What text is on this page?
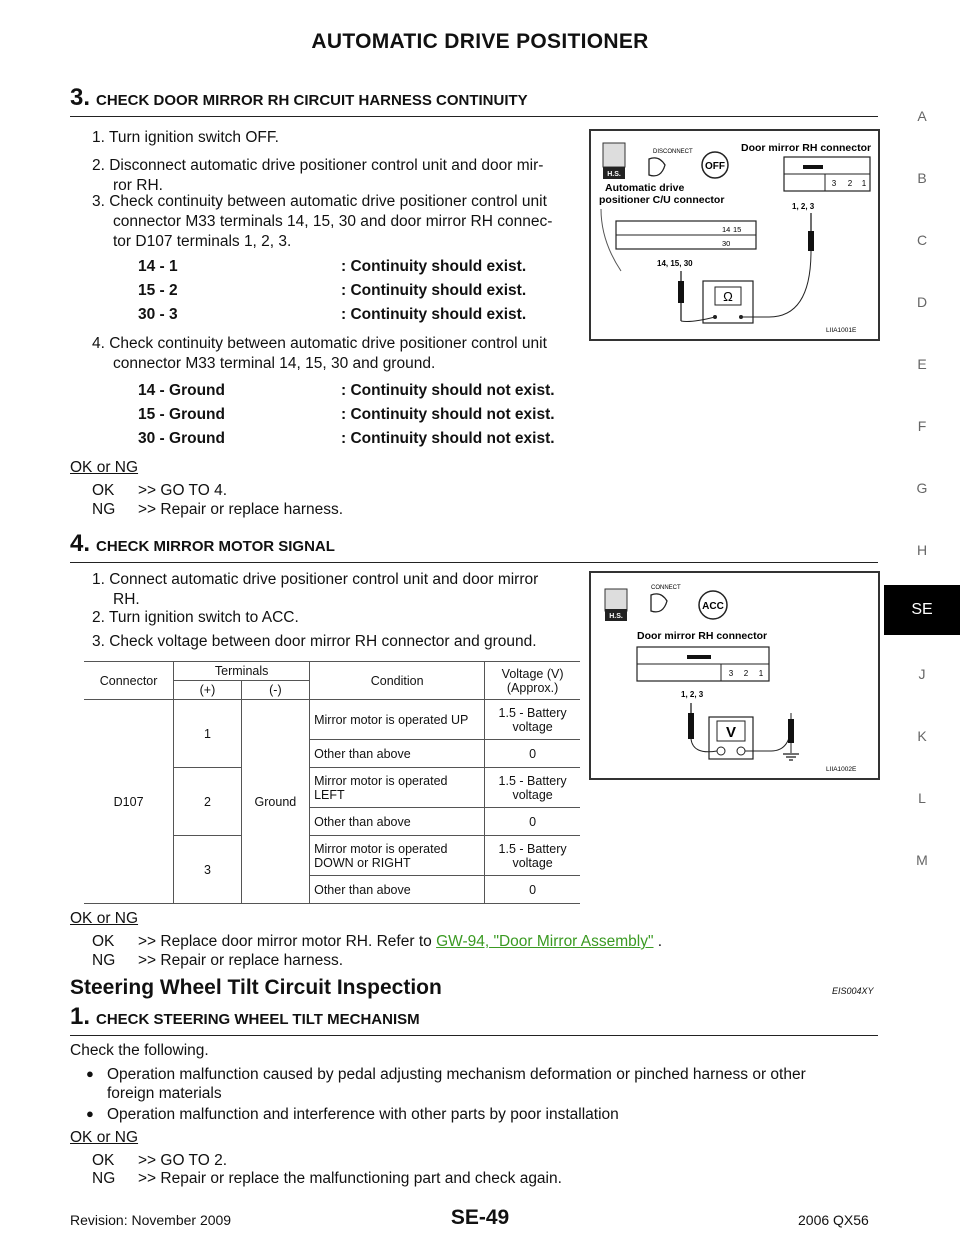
AUTOMATIC DRIVE POSITIONER
A
B
C
D
E
F
G
H
SE
J
K
L
M
3. CHECK DOOR MIRROR RH CIRCUIT HARNESS CONTINUITY
1. Turn ignition switch OFF.
2. Disconnect automatic drive positioner control unit and door mir-
ror RH.
3. Check continuity between automatic drive positioner control unit
connector M33 terminals 14, 15, 30 and door mirror RH connec-
tor D107 terminals 1, 2, 3.
14 - 1	: Continuity should exist.
15 - 2	: Continuity should exist.
30 - 3	: Continuity should exist.
4. Check continuity between automatic drive positioner control unit
connector M33 terminal 14, 15, 30 and ground.
14 - Ground	: Continuity should not exist.
15 - Ground	: Continuity should not exist.
30 - Ground	: Continuity should not exist.
OK or NG
OK >> GO TO 4.
NG >> Repair or replace harness.
H.S.
DISCONNECT
OFF
Door mirror RH connector
3 2 1
Automatic drive
positioner C/U connector
14 15
30
1, 2, 3
14, 15, 30
Ω
LIIA1001E
4. CHECK MIRROR MOTOR SIGNAL
1. Connect automatic drive positioner control unit and door mirror
RH.
2. Turn ignition switch to ACC.
3. Check voltage between door mirror RH connector and ground.
Connector	Terminals		Condition	Voltage (V)
(Approx.)
	(+)	(-)		
D107	1	Ground	Mirror motor is operated UP	1.5 - Battery voltage
			Other than above	0
	2		Mirror motor is operated LEFT	1.5 - Battery voltage
			Other than above	0
	3		Mirror motor is operated DOWN or RIGHT	1.5 - Battery voltage
			Other than above	0
H.S.
CONNECT
ACC
Door mirror RH connector
3 2 1
1, 2, 3
V
LIIA1002E
OK or NG
OK >> Replace door mirror motor RH. Refer to GW-94, "Door Mirror Assembly" .
NG >> Repair or replace harness.
Steering Wheel Tilt Circuit Inspection	EIS004XY
1. CHECK STEERING WHEEL TILT MECHANISM
Check the following.
● Operation malfunction caused by pedal adjusting mechanism deformation or pinched harness or other
foreign materials
● Operation malfunction and interference with other parts by poor installation
OK or NG
OK >> GO TO 2.
NG >> Repair or replace the malfunctioning part and check again.
Revision: November 2009	SE-49	2006 QX56
